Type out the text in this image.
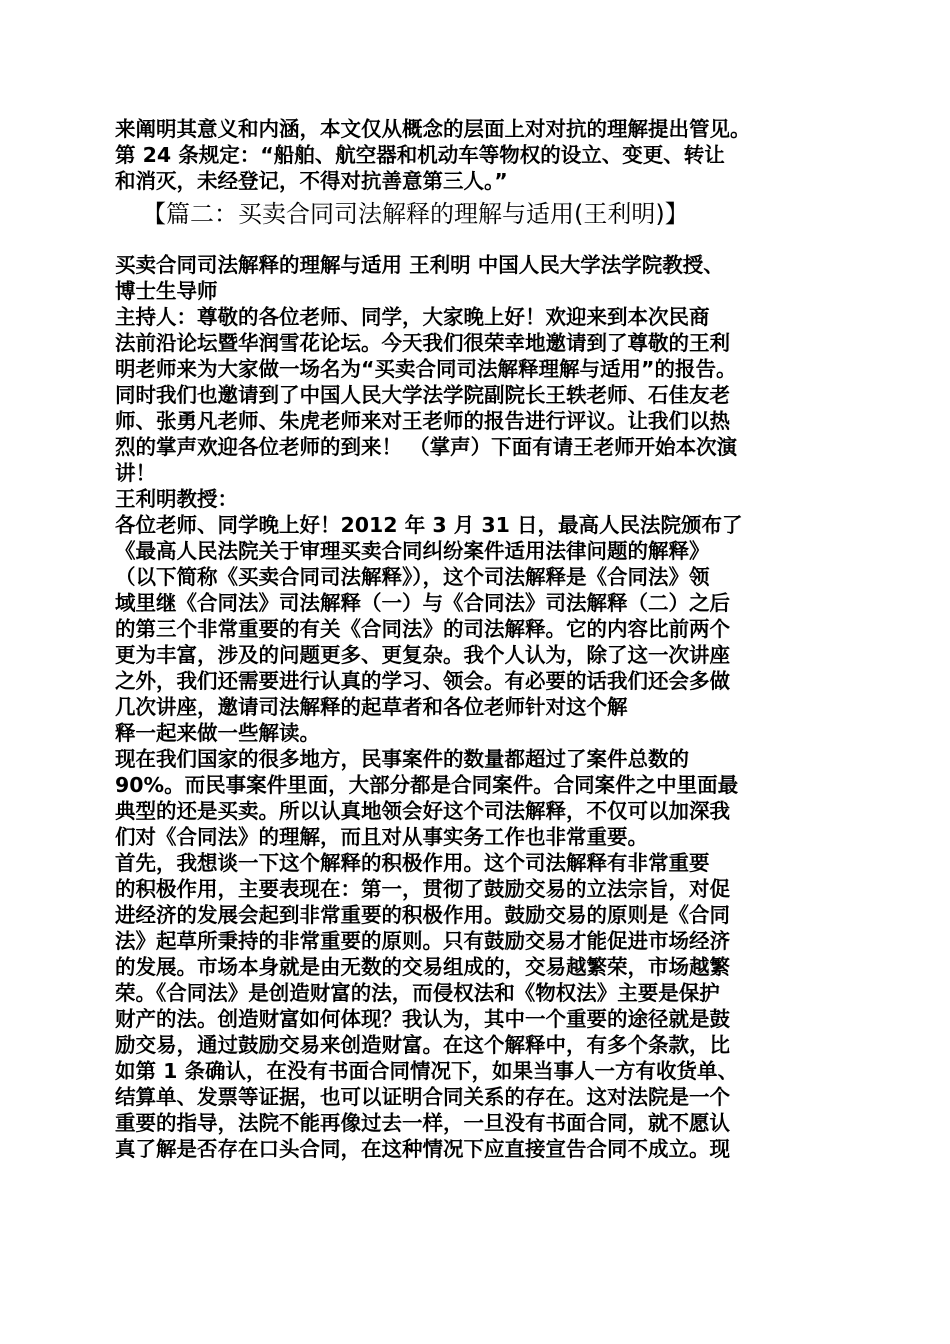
来阐明其意义和内涵，本文仅从概念的层面上对对抗的理解提出管见。
第 24 条规定：“船舶、航空器和机动车等物权的设立、变更、转让
和消灭，未经登记，不得对抗善意第三人。”
【篇二：买卖合同司法解释的理解与适用(王利明)】
买卖合同司法解释的理解与适用 王利明 中国人民大学法学院教授、
博士生导师
主持人：尊敬的各位老师、同学，大家晚上好！欢迎来到本次民商
法前沿论坛暨华润雪花论坛。今天我们很荣幸地邀请到了尊敬的王利
明老师来为大家做一场名为“买卖合同司法解释理解与适用”的报告。
同时我们也邀请到了中国人民大学法学院副院长王轶老师、石佳友老
师、张勇凡老师、朱虎老师来对王老师的报告进行评议。让我们以热
烈的掌声欢迎各位老师的到来！ （掌声）下面有请王老师开始本次演
讲！
王利明教授：
各位老师、同学晚上好！2012 年 3 月 31 日，最高人民法院颁布了
《最高人民法院关于审理买卖合同纠纷案件适用法律问题的解释》
（以下简称《买卖合同司法解释》），这个司法解释是《合同法》领
域里继《合同法》司法解释（一）与《合同法》司法解释（二）之后
的第三个非常重要的有关《合同法》的司法解释。它的内容比前两个
更为丰富，涉及的问题更多、更复杂。我个人认为，除了这一次讲座
之外，我们还需要进行认真的学习、领会。有必要的话我们还会多做
几次讲座，邀请司法解释的起草者和各位老师针对这个解
释一起来做一些解读。
现在我们国家的很多地方，民事案件的数量都超过了案件总数的
90%。而民事案件里面，大部分都是合同案件。合同案件之中里面最
典型的还是买卖。所以认真地领会好这个司法解释，不仅可以加深我
们对《合同法》的理解，而且对从事实务工作也非常重要。
首先，我想谈一下这个解释的积极作用。这个司法解释有非常重要
的积极作用，主要表现在：第一，贯彻了鼓励交易的立法宗旨，对促
进经济的发展会起到非常重要的积极作用。鼓励交易的原则是《合同
法》起草所秉持的非常重要的原则。只有鼓励交易才能促进市场经济
的发展。市场本身就是由无数的交易组成的，交易越繁荣，市场越繁
荣。《合同法》是创造财富的法，而侵权法和《物权法》主要是保护
财产的法。创造财富如何体现？我认为，其中一个重要的途径就是鼓
励交易，通过鼓励交易来创造财富。在这个解释中，有多个条款，比
如第 1 条确认，在没有书面合同情况下，如果当事人一方有收货单、
结算单、发票等证据，也可以证明合同关系的存在。这对法院是一个
重要的指导，法院不能再像过去一样，一旦没有书面合同，就不愿认
真了解是否存在口头合同，在这种情况下应直接宣告合同不成立。现
